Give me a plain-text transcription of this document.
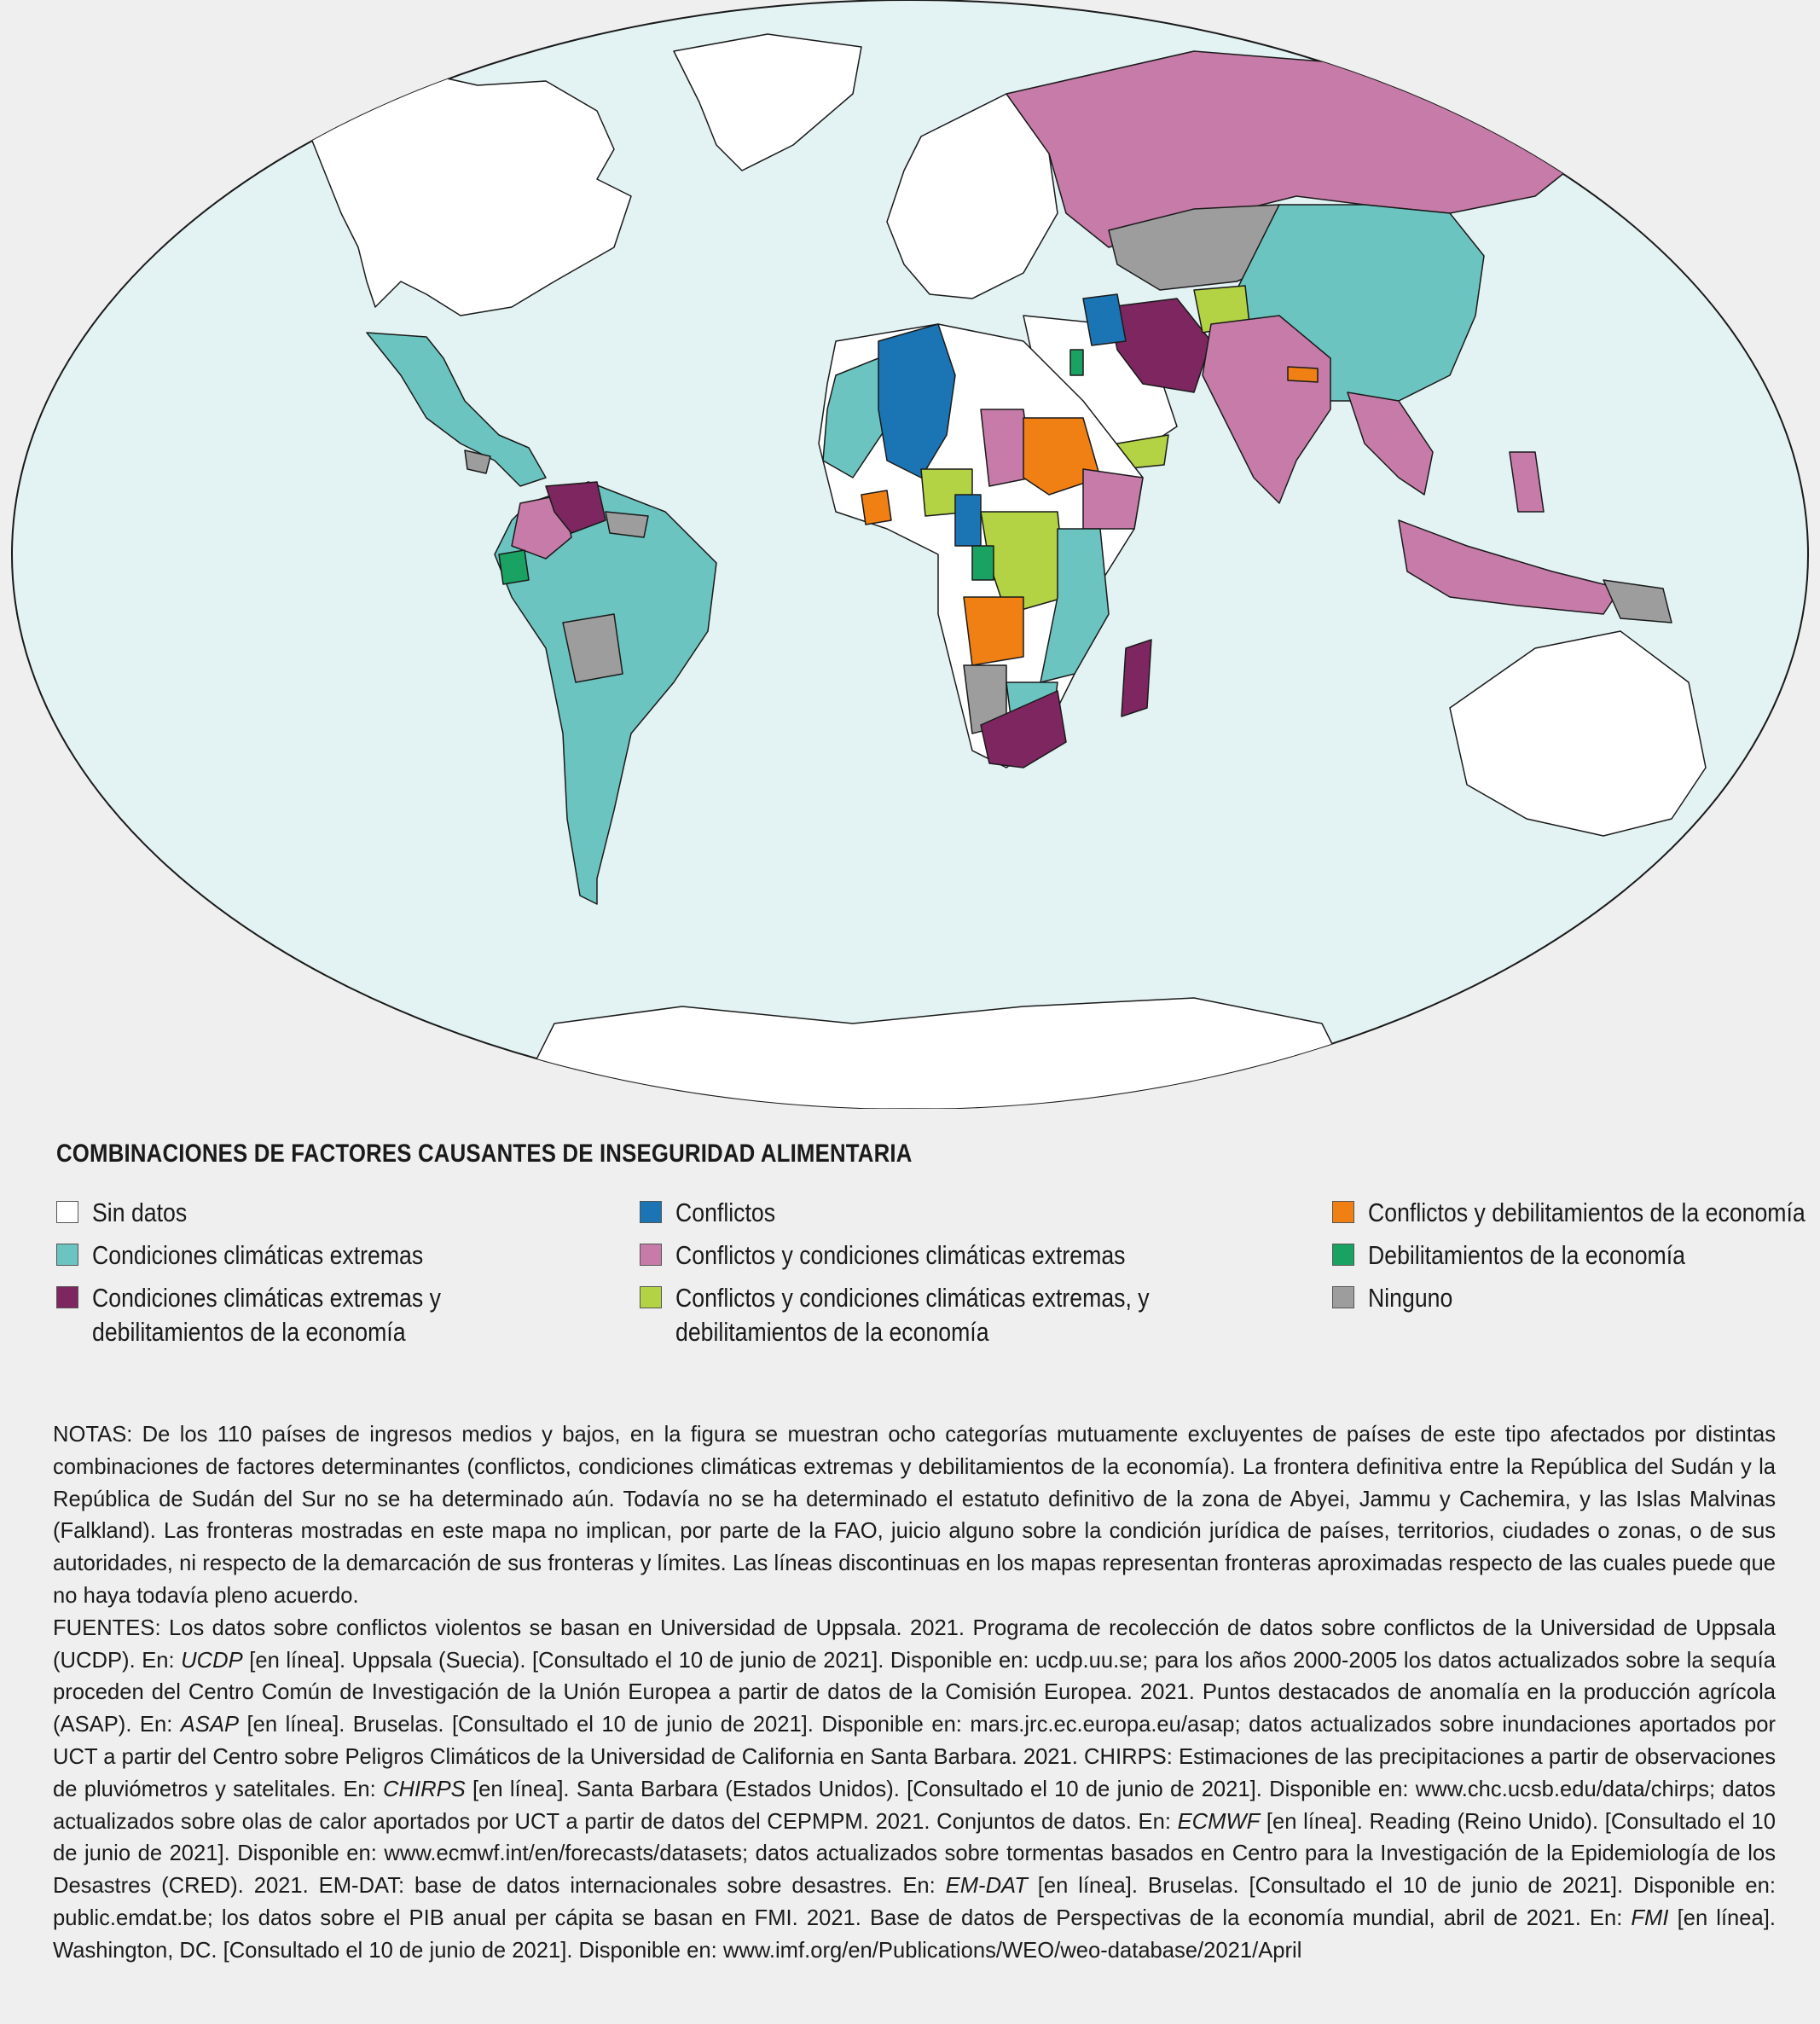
COMBINACIONES DE FACTORES CAUSANTES DE INSEGURIDAD ALIMENTARIA
Sin datos
Condiciones climáticas extremas
Condiciones climáticas extremas y
debilitamientos de la economía
Conflictos
Conflictos y condiciones climáticas extremas
Conflictos y condiciones climáticas extremas, y
debilitamientos de la economía
Conflictos y debilitamientos de la economía
Debilitamientos de la economía
Ninguno

NOTAS: De los 110 países de ingresos medios y bajos, en la figura se muestran ocho categorías mutuamente excluyentes de países de este tipo afectados por distintas combinaciones de factores determinantes (conflictos, condiciones climáticas extremas y debilitamientos de la economía). La frontera definitiva entre la República del Sudán y la República de Sudán del Sur no se ha determinado aún. Todavía no se ha determinado el estatuto definitivo de la zona de Abyei, Jammu y Cachemira, y las Islas Malvinas (Falkland). Las fronteras mostradas en este mapa no implican, por parte de la FAO, juicio alguno sobre la condición jurídica de países, territorios, ciudades o zonas, o de sus autoridades, ni respecto de la demarcación de sus fronteras y límites. Las líneas discontinuas en los mapas representan fronteras aproximadas respecto de las cuales puede que no haya todavía pleno acuerdo.

FUENTES: Los datos sobre conflictos violentos se basan en Universidad de Uppsala. 2021. Programa de recolección de datos sobre conflictos de la Universidad de Uppsala (UCDP). En: UCDP [en línea]. Uppsala (Suecia). [Consultado el 10 de junio de 2021]. Disponible en: ucdp.uu.se; para los años 2000-2005 los datos actualizados sobre la sequía proceden del Centro Común de Investigación de la Unión Europea a partir de datos de la Comisión Europea. 2021. Puntos destacados de anomalía en la producción agrícola (ASAP). En: ASAP [en línea]. Bruselas. [Consultado el 10 de junio de 2021]. Disponible en: mars.jrc.ec.europa.eu/asap; datos actualizados sobre inundaciones aportados por UCT a partir del Centro sobre Peligros Climáticos de la Universidad de California en Santa Barbara. 2021. CHIRPS: Estimaciones de las precipitaciones a partir de observaciones de pluviómetros y satelitales. En: CHIRPS [en línea]. Santa Barbara (Estados Unidos). [Consultado el 10 de junio de 2021]. Disponible en: www.chc.ucsb.edu/data/chirps; datos actualizados sobre olas de calor aportados por UCT a partir de datos del CEPMPM. 2021. Conjuntos de datos. En: ECMWF [en línea]. Reading (Reino Unido). [Consultado el 10 de junio de 2021]. Disponible en: www.ecmwf.int/en/forecasts/datasets; datos actualizados sobre tormentas basados en Centro para la Investigación de la Epidemiología de los Desastres (CRED). 2021. EM-DAT: base de datos internacionales sobre desastres. En: EM-DAT [en línea]. Bruselas. [Consultado el 10 de junio de 2021]. Disponible en: public.emdat.be; los datos sobre el PIB anual per cápita se basan en FMI. 2021. Base de datos de Perspectivas de la economía mundial, abril de 2021. En: FMI [en línea]. Washington, DC. [Consultado el 10 de junio de 2021]. Disponible en: www.imf.org/en/Publications/WEO/weo-database/2021/April
